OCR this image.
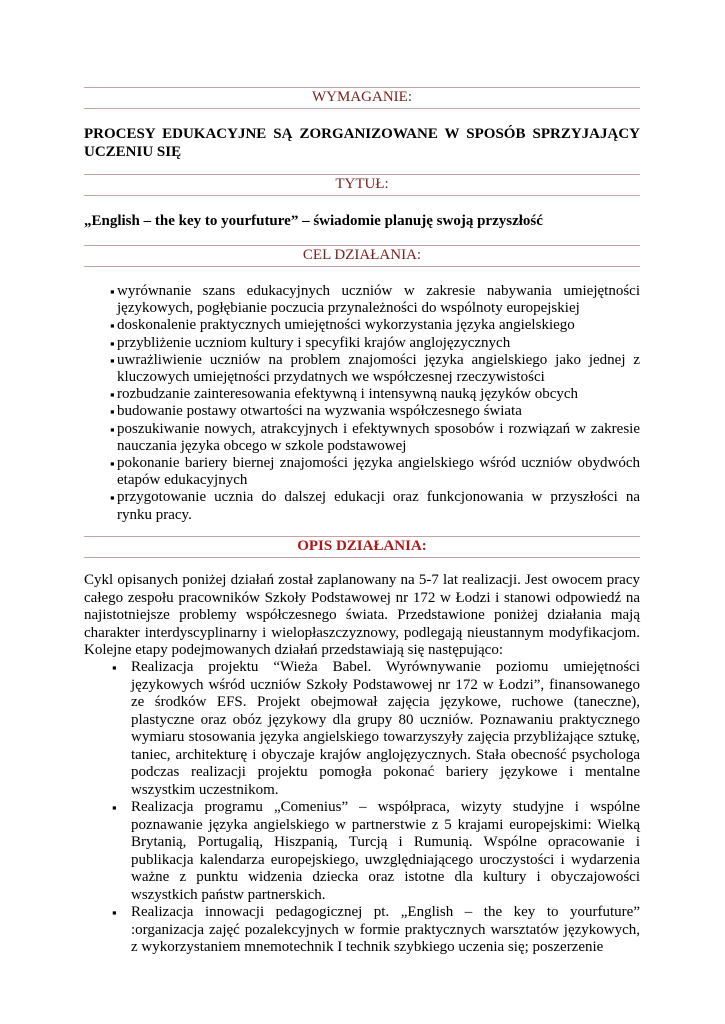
WYMAGANIE:
PROCESY EDUKACYJNE SĄ ZORGANIZOWANE W SPOSÓB SPRZYJAJĄCY UCZENIU SIĘ
TYTUŁ:
„English – the key to yourfuture” – świadomie planuję swoją przyszłość
CEL DZIAŁANIA:
▪ wyrównanie szans edukacyjnych uczniów w zakresie nabywania umiejętności językowych, pogłębianie poczucia przynależności do wspólnoty europejskiej
▪ doskonalenie praktycznych umiejętności wykorzystania języka angielskiego
▪ przybliżenie uczniom kultury i specyfiki krajów anglojęzycznych
▪ uwrażliwienie uczniów na problem znajomości języka angielskiego jako jednej z kluczowych umiejętności przydatnych we współczesnej rzeczywistości
▪ rozbudzanie zainteresowania efektywną i intensywną nauką języków obcych
▪ budowanie postawy otwartości na wyzwania współczesnego świata
▪ poszukiwanie nowych, atrakcyjnych i efektywnych sposobów i rozwiązań w zakresie nauczania języka obcego w szkole podstawowej
▪ pokonanie bariery biernej znajomości języka angielskiego wśród uczniów obydwóch etapów edukacyjnych
▪ przygotowanie ucznia do dalszej edukacji oraz funkcjonowania w przyszłości na rynku pracy.
OPIS DZIAŁANIA:
Cykl opisanych poniżej działań został zaplanowany na 5-7 lat realizacji. Jest owocem pracy całego zespołu pracowników Szkoły Podstawowej nr 172 w Łodzi i stanowi odpowiedź na najistotniejsze problemy współczesnego świata. Przedstawione poniżej działania mają charakter interdyscyplinarny i wielopłaszczyznowy, podlegają nieustannym modyfikacjom. Kolejne etapy podejmowanych działań przedstawiają się następująco:
▪ Realizacja projektu “Wieża Babel. Wyrównywanie poziomu umiejętności językowych wśród uczniów Szkoły Podstawowej nr 172 w Łodzi”, finansowanego ze środków EFS. Projekt obejmował zajęcia językowe, ruchowe (taneczne), plastyczne oraz obóz językowy dla grupy 80 uczniów. Poznawaniu praktycznego wymiaru stosowania języka angielskiego towarzyszyły zajęcia przybliżające sztukę, taniec, architekturę i obyczaje krajów anglojęzycznych. Stała obecność psychologa podczas realizacji projektu pomogła pokonać bariery językowe i mentalne wszystkim uczestnikom.
▪ Realizacja programu „Comenius” – współpraca, wizyty studyjne i wspólne poznawanie języka angielskiego w partnerstwie z 5 krajami europejskimi: Wielką Brytanią, Portugalią, Hiszpanią, Turcją i Rumunią. Wspólne opracowanie i publikacja kalendarza europejskiego, uwzględniającego uroczystości i wydarzenia ważne z punktu widzenia dziecka oraz istotne dla kultury i obyczajowości wszystkich państw partnerskich.
▪ Realizacja innowacji pedagogicznej pt. „English – the key to yourfuture” :organizacja zajęć pozalekcyjnych w formie praktycznych warsztatów językowych, z wykorzystaniem mnemotechnik I technik szybkiego uczenia się; poszerzenie
